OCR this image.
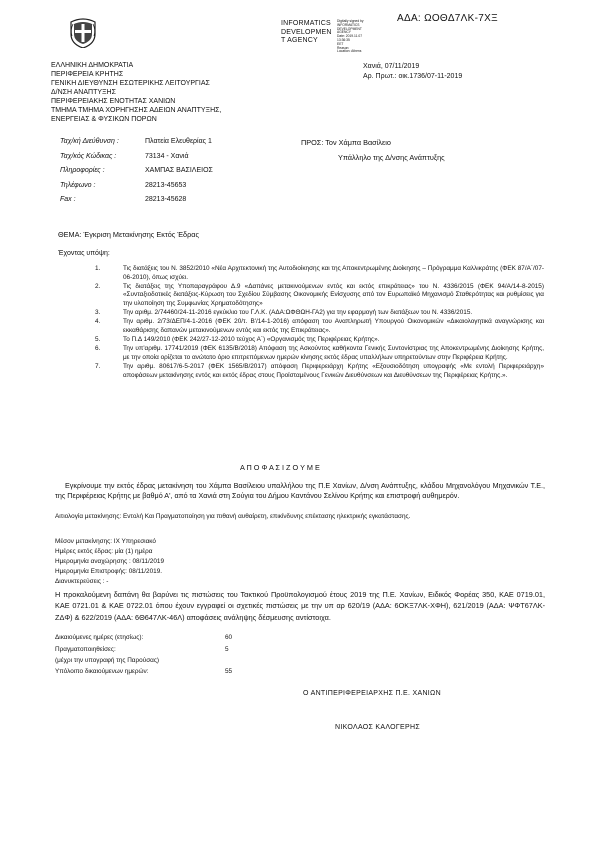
ΑΔΑ: ΩΟΘΔ7ΛΚ-7ΧΞ
INFORMATICS
DEVELOPMEN
T AGENCY
Digitally signed by
INFORMATICS
DEVELOPMENT AGENCY
Date: 2019.11.07 13:36:35
EET
Reason:
Location: Athens
ΕΛΛΗΝΙΚΗ ΔΗΜΟΚΡΑΤΙΑ
ΠΕΡΙΦΕΡΕΙΑ ΚΡΗΤΗΣ
ΓΕΝΙΚΗ ΔΙΕΥΘΥΝΣΗ ΕΣΩΤΕΡΙΚΗΣ ΛΕΙΤΟΥΡΓΙΑΣ
Δ/ΝΣΗ ΑΝΑΠΤΥΞΗΣ
ΠΕΡΙΦΕΡΕΙΑΚΗΣ ΕΝΟΤΗΤΑΣ ΧΑΝΙΩΝ
ΤΜΗΜΑ ΤΜΗΜΑ ΧΟΡΗΓΗΣΗΣ ΑΔΕΙΩΝ ΑΝΑΠΤΥΞΗΣ,
ΕΝΕΡΓΕΙΑΣ & ΦΥΣΙΚΩΝ ΠΟΡΩΝ
Χανιά, 07/11/2019
Αρ. Πρωτ.: οικ.1736/07-11-2019
Ταχ/κή Διεύθυνση :	Πλατεία Ελευθερίας 1
Ταχ/κός Κώδικας :	73134 - Χανιά
Πληροφορίες :	ΧΑΜΠΑΣ ΒΑΣΙΛΕΙΟΣ
Τηλέφωνο :	28213-45653
Fax :	28213-45628
ΠΡΟΣ: Τον Χάμπα Βασίλειο
Υπάλληλο της Δ/νσης Ανάπτυξης
ΘΕΜΑ: Έγκριση Μετακίνησης Εκτός Έδρας
Έχοντας υπόψη:
1.	Τις διατάξεις του Ν. 3852/2010 «Νέα Αρχιτεκτονική της Αυτοδιοίκησης και της Αποκεντρωμένης Διοίκησης – Πρόγραμμα Καλλικράτης (ΦΕΚ 87/Α΄/07-06-2010), όπως ισχύει.
2.	Τις διατάξεις της Υποπαραγράφου Δ.9 «Δαπάνες μετακινούμενων εντός και εκτός επικράτειας» του Ν. 4336/2015 (ΦΕΚ 94/Α/14-8-2015) «Συνταξιοδοτικές διατάξεις-Κύρωση του Σχεδίου Σύμβασης Οικονομικής Ενίσχυσης από τον Ευρωπαϊκό Μηχανισμό Σταθερότητας και ρυθμίσεις για την υλοποίηση της Συμφωνίας Χρηματοδότησης»
3.	Την αριθμ. 2/74460/24-11-2016 εγκύκλιο του Γ.Λ.Κ. (ΑΔΑ:ΩΦΘΩΗ-ΓΑ2) για την εφαρμογή των διατάξεων του Ν. 4336/2015.
4.	Την αριθμ. 2/73/ΔΕΠ/4-1-2016 (ΦΕΚ 20/τ. Β'/14-1-2016) απόφαση του Αναπληρωτή Υπουργού Οικονομικών «Δικαιολογητικά αναγνώρισης και εκκαθάρισης δαπανών μετακινούμενων εντός και εκτός της Επικράτειας».
5.	Το Π.Δ 149/2010 (ΦΕΚ 242/27-12-2010 τεύχος Α΄) «Οργανισμός της Περιφέρειας Κρήτης».
6.	Την υπ'αριθμ. 17741/2019 (ΦΕΚ 6135/Β/2018) Απόφαση της Ασκούντος καθήκοντα Γενικής Συντονίστριας της Αποκεντρωμένης Διοίκησης Κρήτης, με την οποία ορίζεται το ανώτατο όριο επιτρεπόμενων ημερών κίνησης εκτός έδρας υπαλλήλων υπηρετούντων στην Περιφέρεια Κρήτης.
7.	Την αριθμ. 80617/6-5-2017 (ΦΕΚ 1565/Β/2017) απόφαση Περιφερειάρχη Κρήτης «Εξουσιοδότηση υπογραφής «Με εντολή Περιφερειάρχη» αποφάσεων μετακίνησης εντός και εκτός έδρας στους Προϊσταμένους Γενικών Διευθύνσεων και Διευθύνσεων της Περιφέρειας Κρήτης.».
Α Π Ο Φ Α Σ Ι Ζ Ο Υ Μ Ε
Εγκρίνουμε την εκτός έδρας μετακίνηση του Χάμπα Βασίλειου υπαλλήλου της Π.Ε Χανίων, Δ/νση Ανάπτυξης, κλάδου Μηχανολόγου Μηχανικών Τ.Ε., της Περιφέρειας Κρήτης με βαθμό Α', από τα Χανιά στη Σούγια του Δήμου Καντάνου Σελίνου Κρήτης και επιστροφή αυθημερόν.
Αιτιολογία μετακίνησης: Εντολή Και Πραγματοποίηση για πιθανή αυθαίρετη, επικίνδυνης επέκτασης ηλεκτρικής εγκατάστασης.
Μέσον μετακίνησης: ΙΧ Υπηρεσιακό
Ημέρες εκτός έδρας: μία (1) ημέρα
Ημερομηνία αναχώρησης : 08/11/2019
Ημερομηνία Επιστροφής: 08/11/2019.
Διανυκτερεύσεις : -
Η προκαλούμενη δαπάνη θα βαρύνει τις πιστώσεις του Τακτικού Προϋπολογισμού έτους 2019 της Π.Ε. Χανίων, Ειδικός Φορέας 350, ΚΑΕ 0719.01, ΚΑΕ 0721.01 & ΚΑΕ 0722.01 όπου έχουν εγγραφεί οι σχετικές πιστώσεις με την υπ αρ 620/19 (ΑΔΑ: 6ΟΚΞ7ΛΚ-ΧΦΗ), 621/2019 (ΑΔΑ: ΨΦΤ67ΛΚ-ΖΔΦ) & 622/2019 (ΑΔΑ: 6Θ647ΛΚ-46Λ) αποφάσεις ανάληψης δέσμευσης αντίστοιχα.
Δικαιούμενες ημέρες (ετησίως):	60
Πραγματοποιηθείσες:	5
(μέχρι την υπογραφή της Παρούσας)
Υπόλοιπο δικαιούμενων ημερών:	55
Ο ΑΝΤΙΠΕΡΙΦΕΡΕΙΑΡΧΗΣ Π.Ε. ΧΑΝΙΩΝ
ΝΙΚΟΛΑΟΣ ΚΑΛΟΓΕΡΗΣ
